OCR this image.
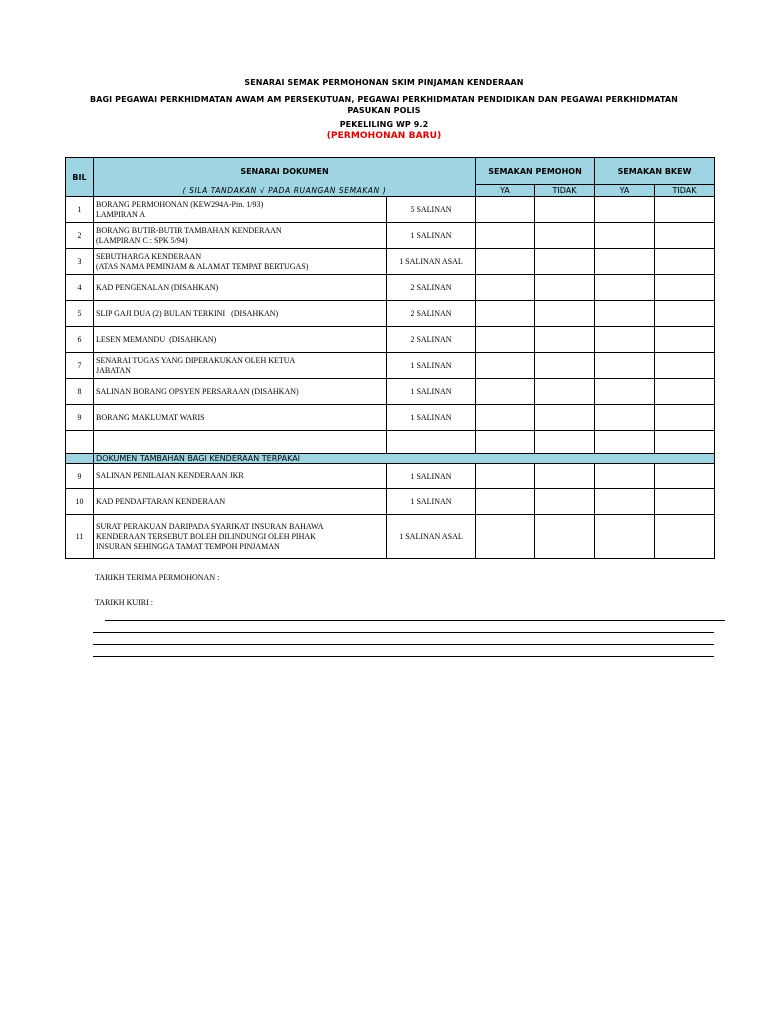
SENARAI SEMAK PERMOHONAN SKIM PINJAMAN KENDERAAN
BAGI PEGAWAI PERKHIDMATAN AWAM AM PERSEKUTUAN, PEGAWAI PERKHIDMATAN PENDIDIKAN DAN PEGAWAI PERKHIDMATAN
PASUKAN POLIS
PEKELILING WP 9.2
(PERMOHONAN BARU)
BIL	SENARAI DOKUMEN		SEMAKAN PEMOHON		SEMAKAN BKEW	
	( SILA TANDAKAN √ PADA RUANGAN SEMAKAN )		YA	TIDAK	YA	TIDAK
1	BORANG PERMOHONAN (KEW294A-Pin. 1/93)
LAMPIRAN A	5 SALINAN				
2	BORANG BUTIR-BUTIR TAMBAHAN KENDERAAN
(LAMPIRAN C : SPK 5/94)	1 SALINAN				
3	SEBUTHARGA KENDERAAN
(ATAS NAMA PEMINJAM & ALAMAT TEMPAT BERTUGAS)	1 SALINAN ASAL				
4	KAD PENGENALAN (DISAHKAN)	2 SALINAN				
5	SLIP GAJI DUA (2) BULAN TERKINI   (DISAHKAN)	2 SALINAN				
6	LESEN MEMANDU  (DISAHKAN)	2 SALINAN				
7	SENARAI TUGAS YANG DIPERAKUKAN OLEH KETUA
JABATAN	1 SALINAN				
8	SALINAN BORANG OPSYEN PERSARAAN (DISAHKAN)	1 SALINAN				
9	BORANG MAKLUMAT WARIS	1 SALINAN				

	DOKUMEN TAMBAHAN BAGI KENDERAAN TERPAKAI					
9	SALINAN PENILAIAN KENDERAAN JKR	1 SALINAN				
10	KAD PENDAFTARAN KENDERAAN	1 SALINAN				
11	SURAT PERAKUAN DARIPADA SYARIKAT INSURAN BAHAWA
KENDERAAN TERSEBUT BOLEH DILINDUNGI OLEH PIHAK
INSURAN SEHINGGA TAMAT TEMPOH PINJAMAN	1 SALINAN ASAL				
TARIKH TERIMA PERMOHONAN :
TARIKH KUIRI :
